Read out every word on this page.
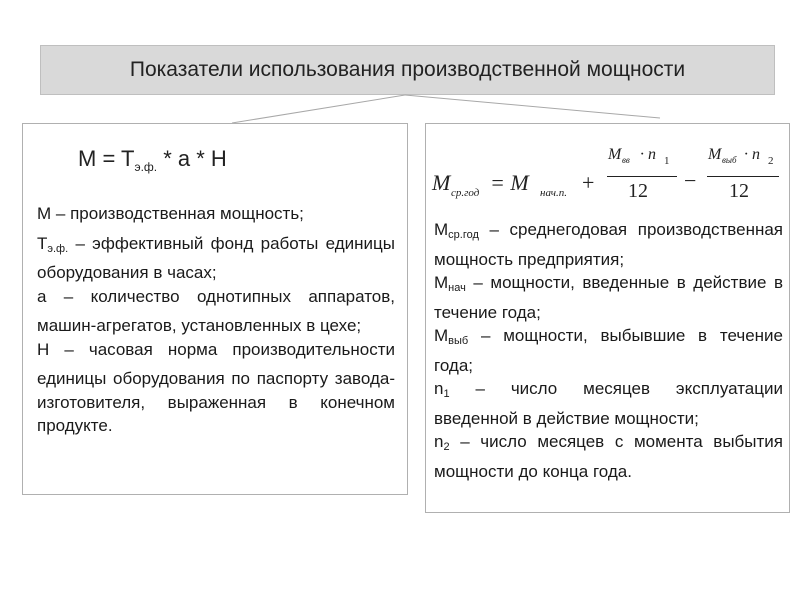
Показатели использования производственной мощности
$M = T_{э.ф.} * a * H$

М – производственная мощность;

$Т_{э.ф.}$ – эффективный фонд работы единицы оборудования в часах;

а – количество однотипных аппаратов, машин-агрегатов, установленных в цехе;

Н – часовая норма производительности единицы оборудования по паспорту завода-изготовителя, выраженная в конечном продукте.

M ср.год = M нач.п. +
M вв · n 1
12 −
M выб · n 2
12

$М_{ср.год}$ – среднегодовая производственная мощность предприятия;

$М_{нач}$ – мощности, введенные в действие в течение года;

$М_{выб}$ – мощности, выбывшие в течение года;

$n_1$ – число месяцев эксплуатации введенной в действие мощности;

$n_2$ – число месяцев с момента выбытия мощности до конца года.
